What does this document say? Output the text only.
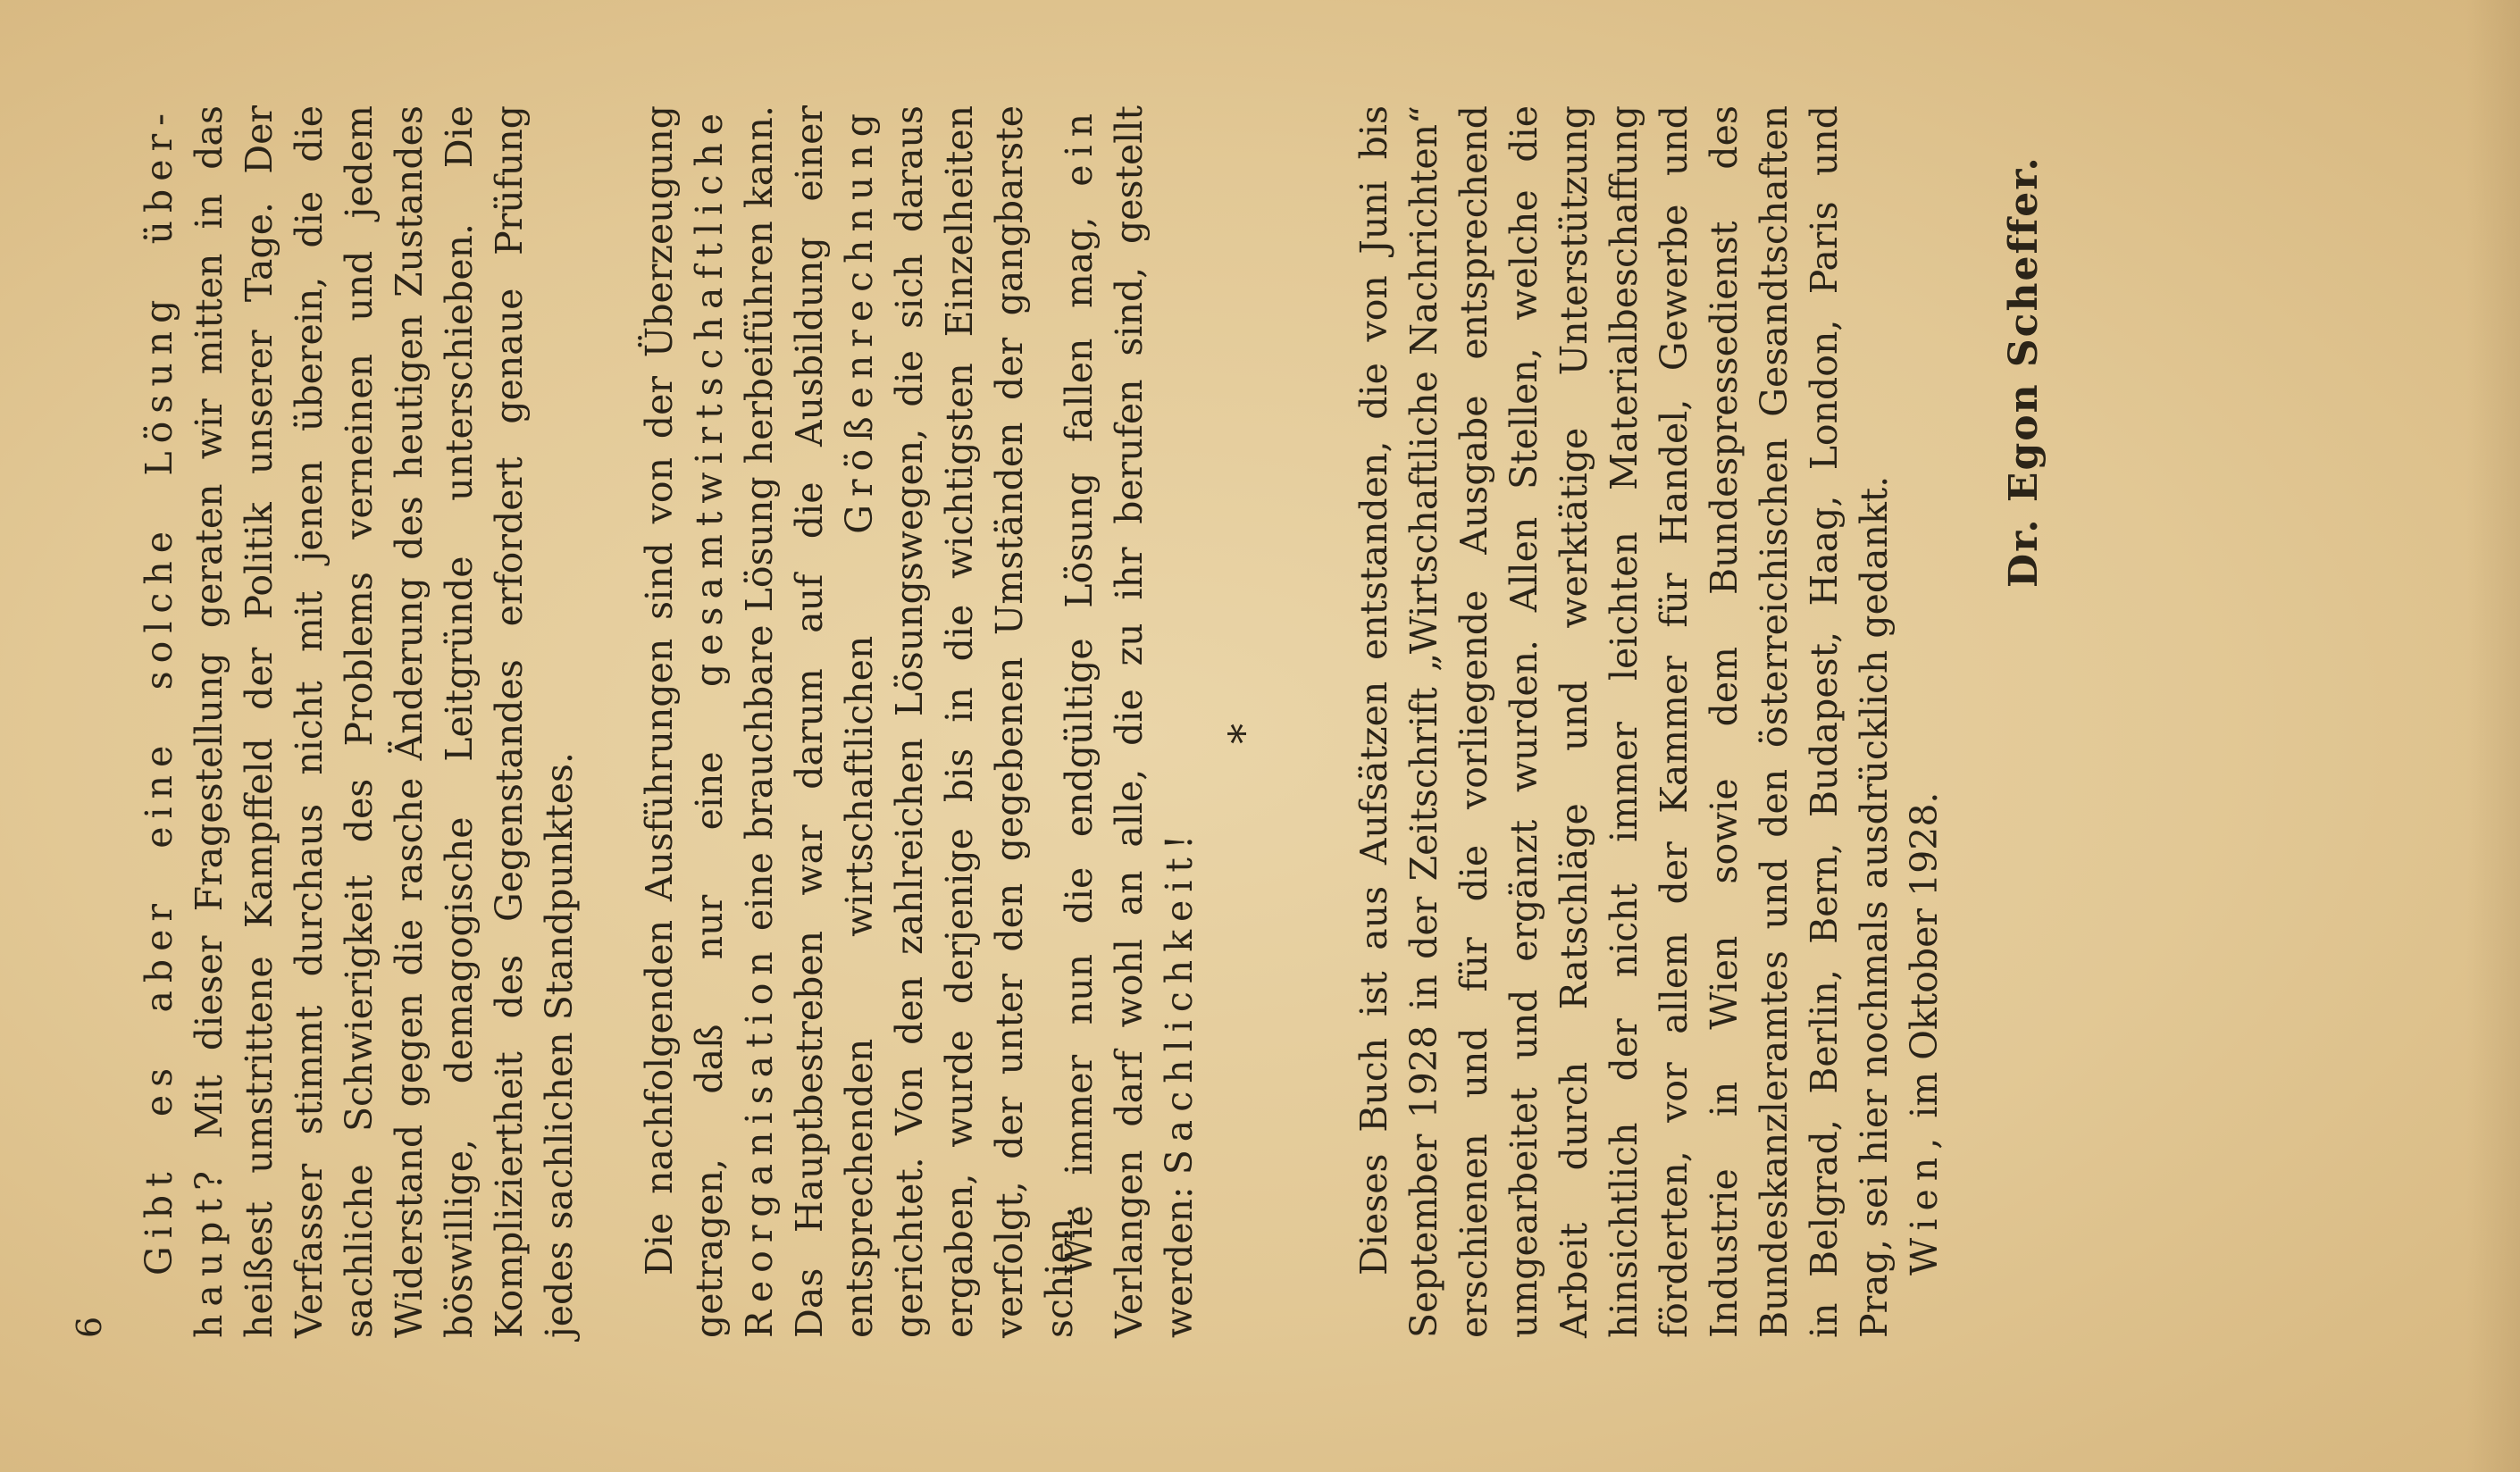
6

Gibt es aber eine solche Lösung über-haupt? Mit dieser Fragestellung geraten wir mitten in das heißest umstrittene Kampffeld der Politik unserer Tage. Der Verfasser stimmt durchaus nicht mit jenen überein, die die sachliche Schwierigkeit des Problems verneinen und jedem Widerstand gegen die rasche Änderung des heutigen Zustandes böswillige, demagogische Leitgründe unterschieben. Die Kompliziertheit des Gegenstandes erfordert genaue Prüfung jedes sachlichen Standpunktes. Die nachfolgenden Ausführungen sind von der Überzeugung getragen, daß nur eine gesamtwirtschaftliche Reorganisation eine brauchbare Lösung herbeiführen kann. Das Hauptbestreben war darum auf die Ausbildung einer entsprechenden wirtschaftlichen Größenrechnung gerichtet. Von den zahlreichen Lösungswegen, die sich daraus ergaben, wurde derjenige bis in die wichtigsten Einzelheiten verfolgt, der unter den gegebenen Umständen der gangbarste schien.

Wie immer nun die endgültige Lösung fallen mag, ein Verlangen darf wohl an alle, die zu ihr berufen sind, gestellt werden: Sachlichkeit!

* Dieses Buch ist aus Aufsätzen entstanden, die von Juni bis September 1928 in der Zeitschrift „Wirtschaftliche Nachrichten“ erschienen und für die vorliegende Ausgabe entsprechend umgearbeitet und ergänzt wurden. Allen Stellen, welche die Arbeit durch Ratschläge und werktätige Unterstützung hinsichtlich der nicht immer leichten Materialbeschaffung förderten, vor allem der Kammer für Handel, Gewerbe und Industrie in Wien sowie dem Bundespressedienst des Bundeskanzleramtes und den österreichischen Gesandtschaften in Belgrad, Berlin, Bern, Budapest, Haag, London, Paris und Prag, sei hier nochmals ausdrücklich gedankt. Wien, im Oktober 1928.

Dr. Egon Scheffer.
